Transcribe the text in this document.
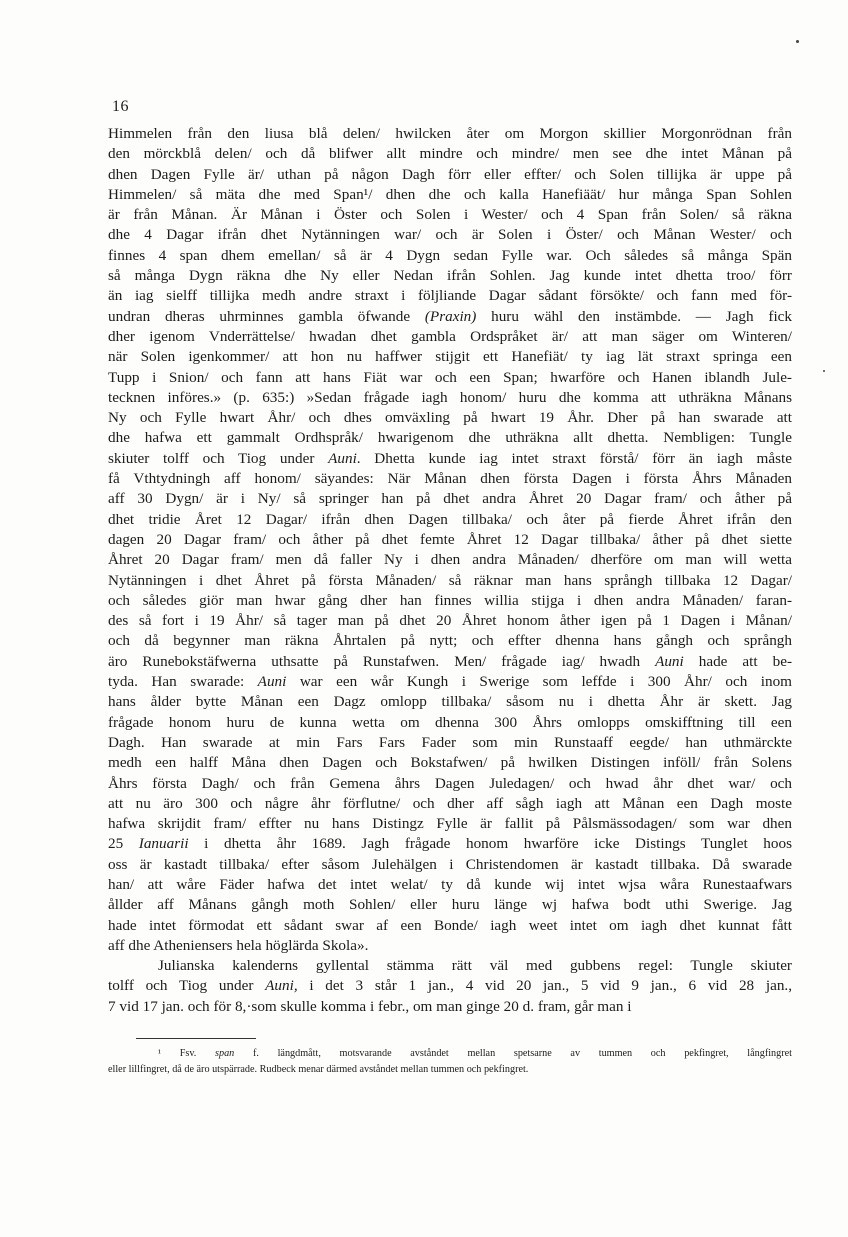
16
Himmelen från den liusa blå delen/ hwilcken åter om Morgon skillier Morgonrödnan från
den mörckblå delen/ och då blifwer allt mindre och mindre/ men see dhe intet Månan på
dhen Dagen Fylle är/ uthan på någon Dagh förr eller effter/ och Solen tillijka är uppe på
Himmelen/ så mäta dhe med Span¹/ dhen dhe och kalla Hanefiäät/ hur många Span Sohlen
är från Månan. Är Månan i Öster och Solen i Wester/ och 4 Span från Solen/ så räkna
dhe 4 Dagar ifrån dhet Nytänningen war/ och är Solen i Öster/ och Månan Wester/ och
finnes 4 span dhem emellan/ så är 4 Dygn sedan Fylle war. Och således så många Spän
så många Dygn räkna dhe Ny eller Nedan ifrån Sohlen. Jag kunde intet dhetta troo/ förr
än iag sielff tillijka medh andre straxt i följliande Dagar sådant försökte/ och fann med för-
undran dheras uhrminnes gambla öfwande (Praxin) huru wähl den instämbde. — Jagh fick
dher igenom Vnderrättelse/ hwadan dhet gambla Ordspråket är/ att man säger om Winteren/
när Solen igenkommer/ att hon nu haffwer stijgit ett Hanefiät/ ty iag lät straxt springa een
Tupp i Snion/ och fann att hans Fiät war och een Span; hwarföre och Hanen iblandh Jule-
tecknen införes.» (p. 635:) »Sedan frågade iagh honom/ huru dhe komma att uthräkna Månans
Ny och Fylle hwart Åhr/ och dhes omväxling på hwart 19 Åhr. Dher på han swarade att
dhe hafwa ett gammalt Ordhspråk/ hwarigenom dhe uthräkna allt dhetta. Nembligen: Tungle
skiuter tolff och Tiog under Auni. Dhetta kunde iag intet straxt förstå/ förr än iagh måste
få Vthtydningh aff honom/ säyandes: När Månan dhen första Dagen i första Åhrs Månaden
aff 30 Dygn/ är i Ny/ så springer han på dhet andra Åhret 20 Dagar fram/ och åther på
dhet tridie Året 12 Dagar/ ifrån dhen Dagen tillbaka/ och åter på fierde Åhret ifrån den
dagen 20 Dagar fram/ och åther på dhet femte Åhret 12 Dagar tillbaka/ åther på dhet siette
Åhret 20 Dagar fram/ men då faller Ny i dhen andra Månaden/ dherföre om man will wetta
Nytänningen i dhet Åhret på första Månaden/ så räknar man hans språngh tillbaka 12 Dagar/
och således giör man hwar gång dher han finnes willia stijga i dhen andra Månaden/ faran-
des så fort i 19 Åhr/ så tager man på dhet 20 Åhret honom åther igen på 1 Dagen i Månan/
och då begynner man räkna Åhrtalen på nytt; och effter dhenna hans gångh och språngh
äro Runebokstäfwerna uthsatte på Runstafwen. Men/ frågade iag/ hwadh Auni hade att be-
tyda. Han swarade: Auni war een wår Kungh i Swerige som leffde i 300 Åhr/ och inom
hans ålder bytte Månan een Dagz omlopp tillbaka/ såsom nu i dhetta Åhr är skett. Jag
frågade honom huru de kunna wetta om dhenna 300 Åhrs omlopps omskifftning till een
Dagh. Han swarade at min Fars Fars Fader som min Runstaaff eegde/ han uthmärckte
medh een halff Måna dhen Dagen och Bokstafwen/ på hwilken Distingen inföll/ från Solens
Åhrs första Dagh/ och från Gemena åhrs Dagen Juledagen/ och hwad åhr dhet war/ och
att nu äro 300 och någre åhr förflutne/ och dher aff sågh iagh att Månan een Dagh moste
hafwa skrijdit fram/ effter nu hans Distingz Fylle är fallit på Pålsmässodagen/ som war dhen
25 Ianuarii i dhetta åhr 1689. Jagh frågade honom hwarföre icke Distings Tunglet hoos
oss är kastadt tillbaka/ efter såsom Julehälgen i Christendomen är kastadt tillbaka. Då swarade
han/ att wåre Fäder hafwa det intet welat/ ty då kunde wij intet wjsa wåra Runestaafwars
ållder aff Månans gångh moth Sohlen/ eller huru länge wj hafwa bodt uthi Swerige. Jag
hade intet förmodat ett sådant swar af een Bonde/ iagh weet intet om iagh dhet kunnat fått
aff dhe Atheniensers hela höglärda Skola».
Julianska kalenderns gyllental stämma rätt väl med gubbens regel: Tungle skiuter
tolff och Tiog under Auni, i det 3 står 1 jan., 4 vid 20 jan., 5 vid 9 jan., 6 vid 28 jan.,
7 vid 17 jan. och för 8,·som skulle komma i febr., om man ginge 20 d. fram, går man i
¹ Fsv. span f. längdmått, motsvarande avståndet mellan spetsarne av tummen och pekfingret, långfingret
eller lillfingret, då de äro utspärrade. Rudbeck menar därmed avståndet mellan tummen och pekfingret.
